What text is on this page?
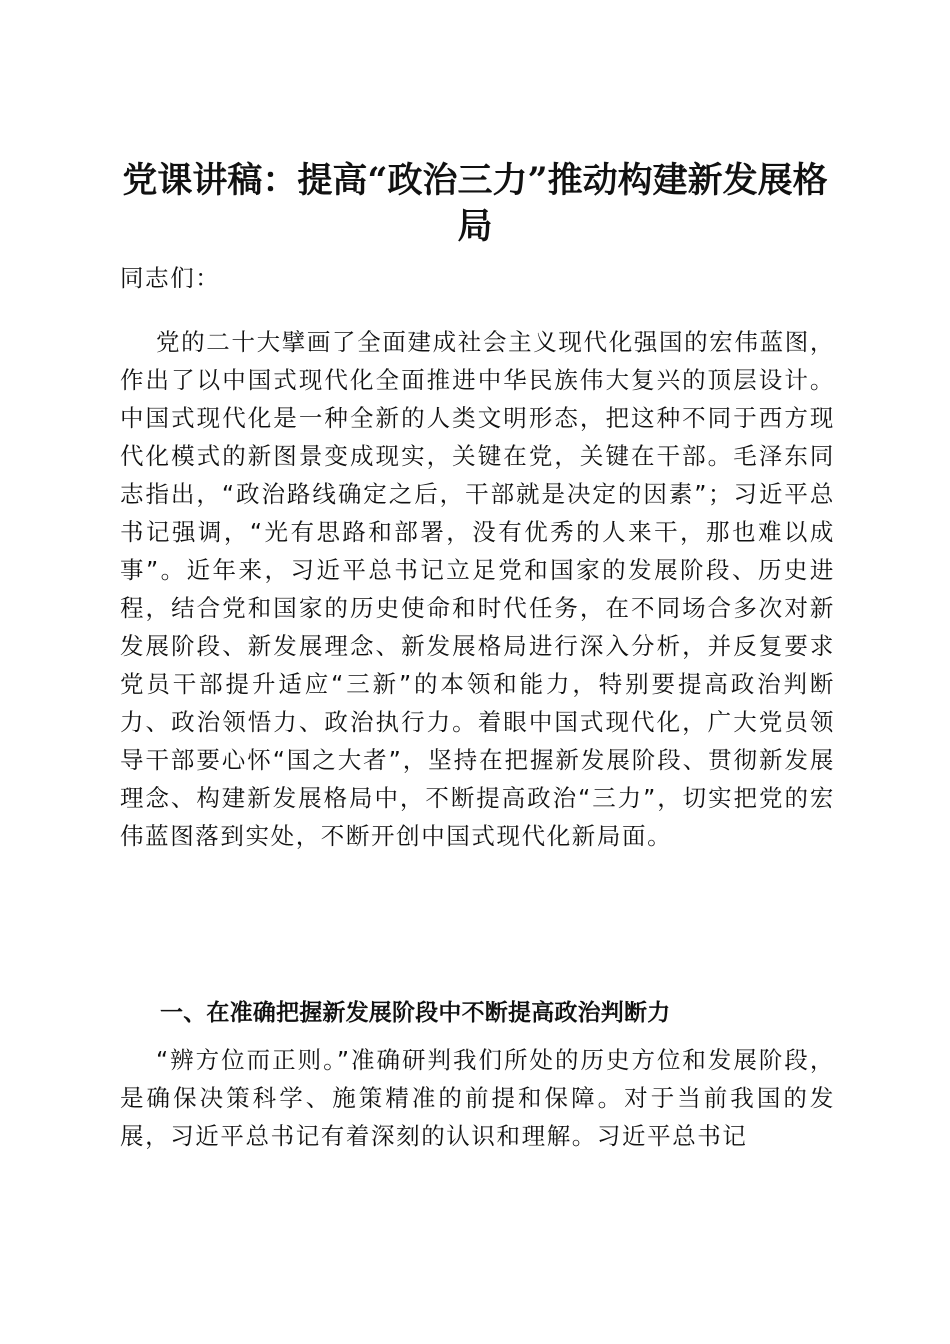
党课讲稿：提高“政治三力”推动构建新发展格局

同志们：

党的二十大擘画了全面建成社会主义现代化强国的宏伟蓝图，作出了以中国式现代化全面推进中华民族伟大复兴的顶层设计。中国式现代化是一种全新的人类文明形态，把这种不同于西方现代化模式的新图景变成现实，关键在党，关键在干部。毛泽东同志指出，“政治路线确定之后，干部就是决定的因素”；习近平总书记强调，“光有思路和部署，没有优秀的人来干，那也难以成事”。近年来，习近平总书记立足党和国家的发展阶段、历史进程，结合党和国家的历史使命和时代任务，在不同场合多次对新发展阶段、新发展理念、新发展格局进行深入分析，并反复要求党员干部提升适应“三新”的本领和能力，特别要提高政治判断力、政治领悟力、政治执行力。着眼中国式现代化，广大党员领导干部要心怀“国之大者”，坚持在把握新发展阶段、贯彻新发展理念、构建新发展格局中，不断提高政治“三力”，切实把党的宏伟蓝图落到实处，不断开创中国式现代化新局面。

一、在准确把握新发展阶段中不断提高政治判断力

“辨方位而正则。”准确研判我们所处的历史方位和发展阶段，是确保决策科学、施策精准的前提和保障。对于当前我国的发展，习近平总书记有着深刻的认识和理解。习近平总书记
